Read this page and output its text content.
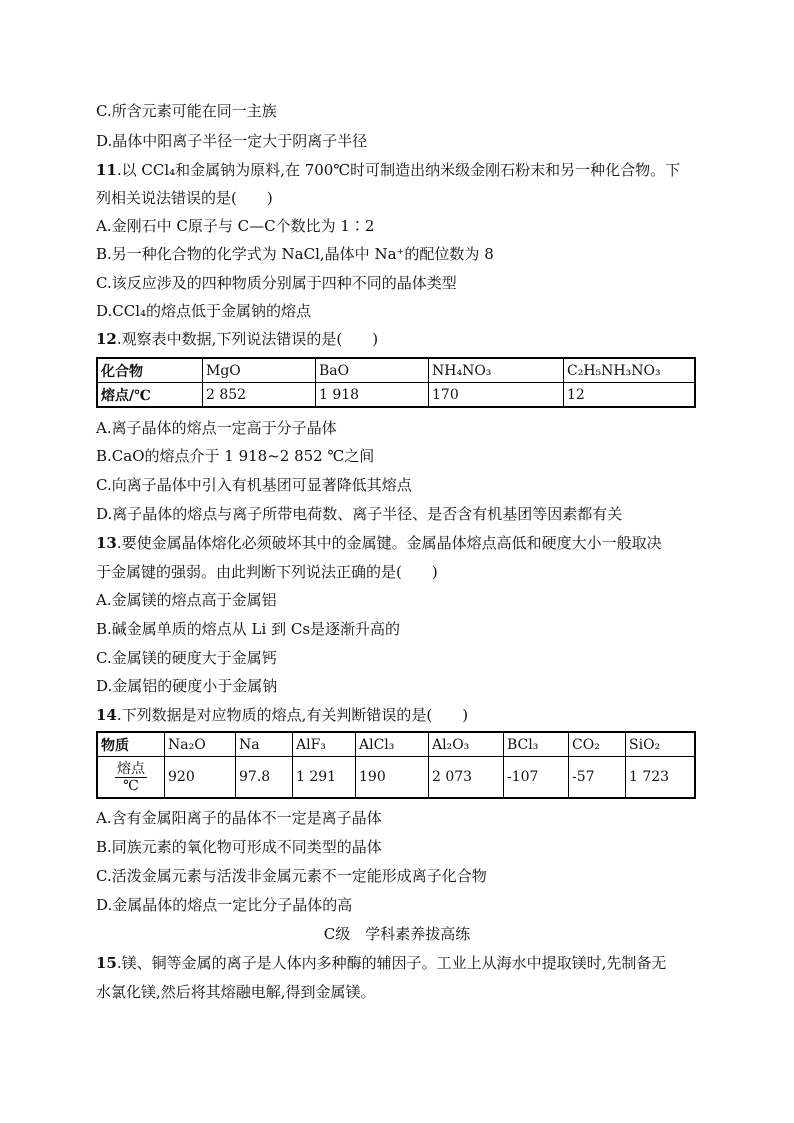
C.所含元素可能在同一主族
D.晶体中阳离子半径一定大于阴离子半径
11.以 CCl₄和金属钠为原料,在 700℃时可制造出纳米级金刚石粉末和另一种化合物。下
列相关说法错误的是(　　)
A.金刚石中 C原子与 C—C个数比为 1∶2
B.另一种化合物的化学式为 NaCl,晶体中 Na⁺的配位数为 8
C.该反应涉及的四种物质分别属于四种不同的晶体类型
D.CCl₄的熔点低于金属钠的熔点
12.观察表中数据,下列说法错误的是(　　)
化合物	MgO	BaO	NH₄NO₃	C₂H₅NH₃NO₃
熔点/℃	2 852	1 918	170	12
A.离子晶体的熔点一定高于分子晶体
B.CaO的熔点介于 1 918~2 852 ℃之间
C.向离子晶体中引入有机基团可显著降低其熔点
D.离子晶体的熔点与离子所带电荷数、离子半径、是否含有机基团等因素都有关
13.要使金属晶体熔化必须破坏其中的金属键。金属晶体熔点高低和硬度大小一般取决
于金属键的强弱。由此判断下列说法正确的是(　　)
A.金属镁的熔点高于金属铝
B.碱金属单质的熔点从 Li 到 Cs是逐渐升高的
C.金属镁的硬度大于金属钙
D.金属铝的硬度小于金属钠
14.下列数据是对应物质的熔点,有关判断错误的是(　　)
物质	Na₂O	Na	AlF₃	AlCl₃	Al₂O₃	BCl₃	CO₂	SiO₂

$\frac{\text{熔点}}{℃}$	920	97.8	1 291	190	2 073	-107	-57	1 723
A.含有金属阳离子的晶体不一定是离子晶体
B.同族元素的氧化物可形成不同类型的晶体
C.活泼金属元素与活泼非金属元素不一定能形成离子化合物
D.金属晶体的熔点一定比分子晶体的高
C级　学科素养拔高练
15.镁、铜等金属的离子是人体内多种酶的辅因子。工业上从海水中提取镁时,先制备无
水氯化镁,然后将其熔融电解,得到金属镁。
